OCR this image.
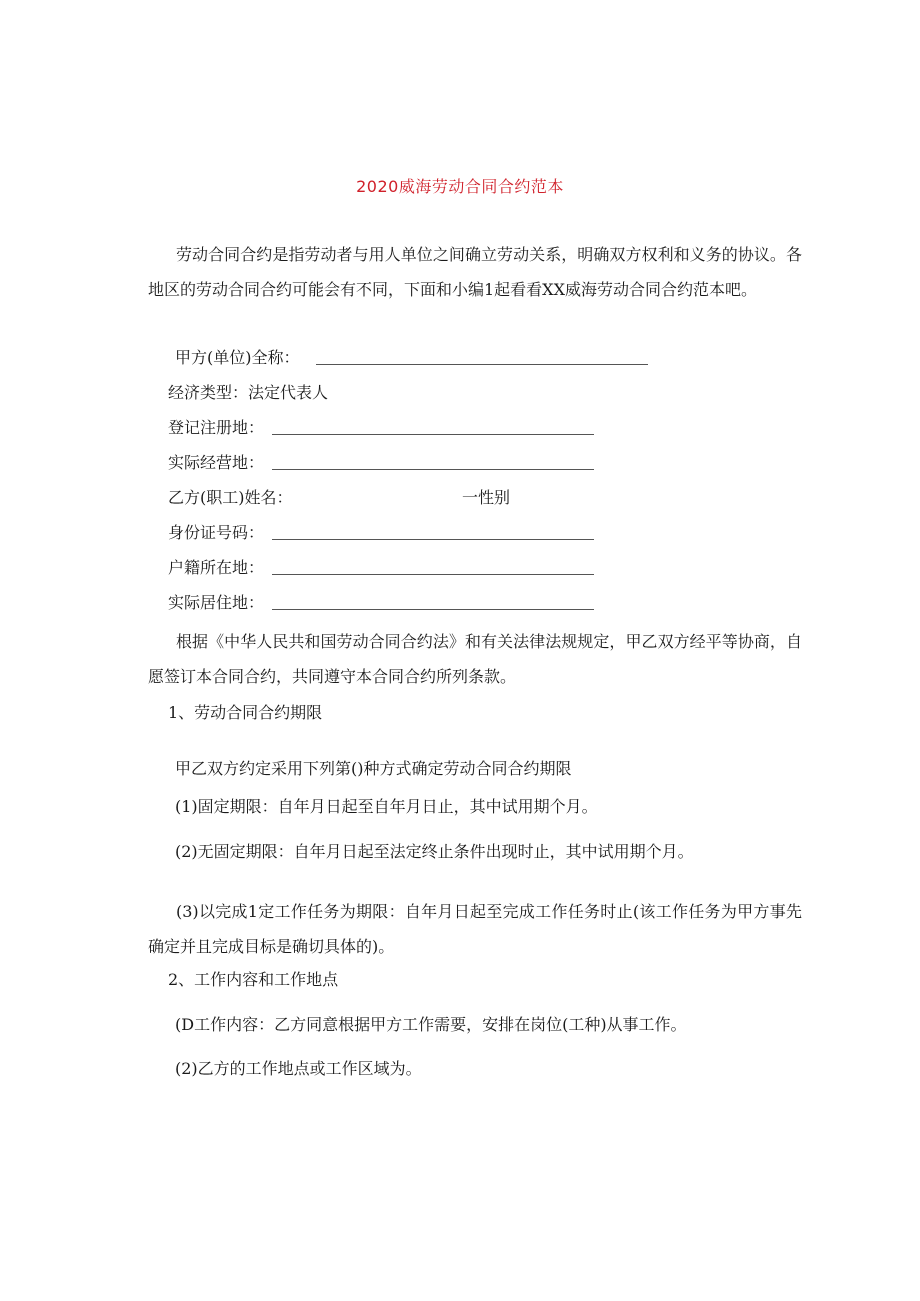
2020威海劳动合同合约范本
劳动合同合约是指劳动者与用人单位之间确立劳动关系，明确双方权利和义务的协议。各地区的劳动合同合约可能会有不同，下面和小编1起看看XX威海劳动合同合约范本吧。
甲方(单位)全称：
经济类型：法定代表人
登记注册地：
实际经营地：
乙方(职工)姓名：	一性别
身份证号码：
户籍所在地：
实际居住地：
根据《中华人民共和国劳动合同合约法》和有关法律法规规定，甲乙双方经平等协商，自愿签订本合同合约，共同遵守本合同合约所列条款。
1、劳动合同合约期限
甲乙双方约定采用下列第()种方式确定劳动合同合约期限
(1)固定期限：自年月日起至自年月日止，其中试用期个月。
(2)无固定期限：自年月日起至法定终止条件出现时止，其中试用期个月。
(3)以完成1定工作任务为期限：自年月日起至完成工作任务时止(该工作任务为甲方事先确定并且完成目标是确切具体的)。
2、工作内容和工作地点
(D工作内容：乙方同意根据甲方工作需要，安排在岗位(工种)从事工作。
(2)乙方的工作地点或工作区域为。
